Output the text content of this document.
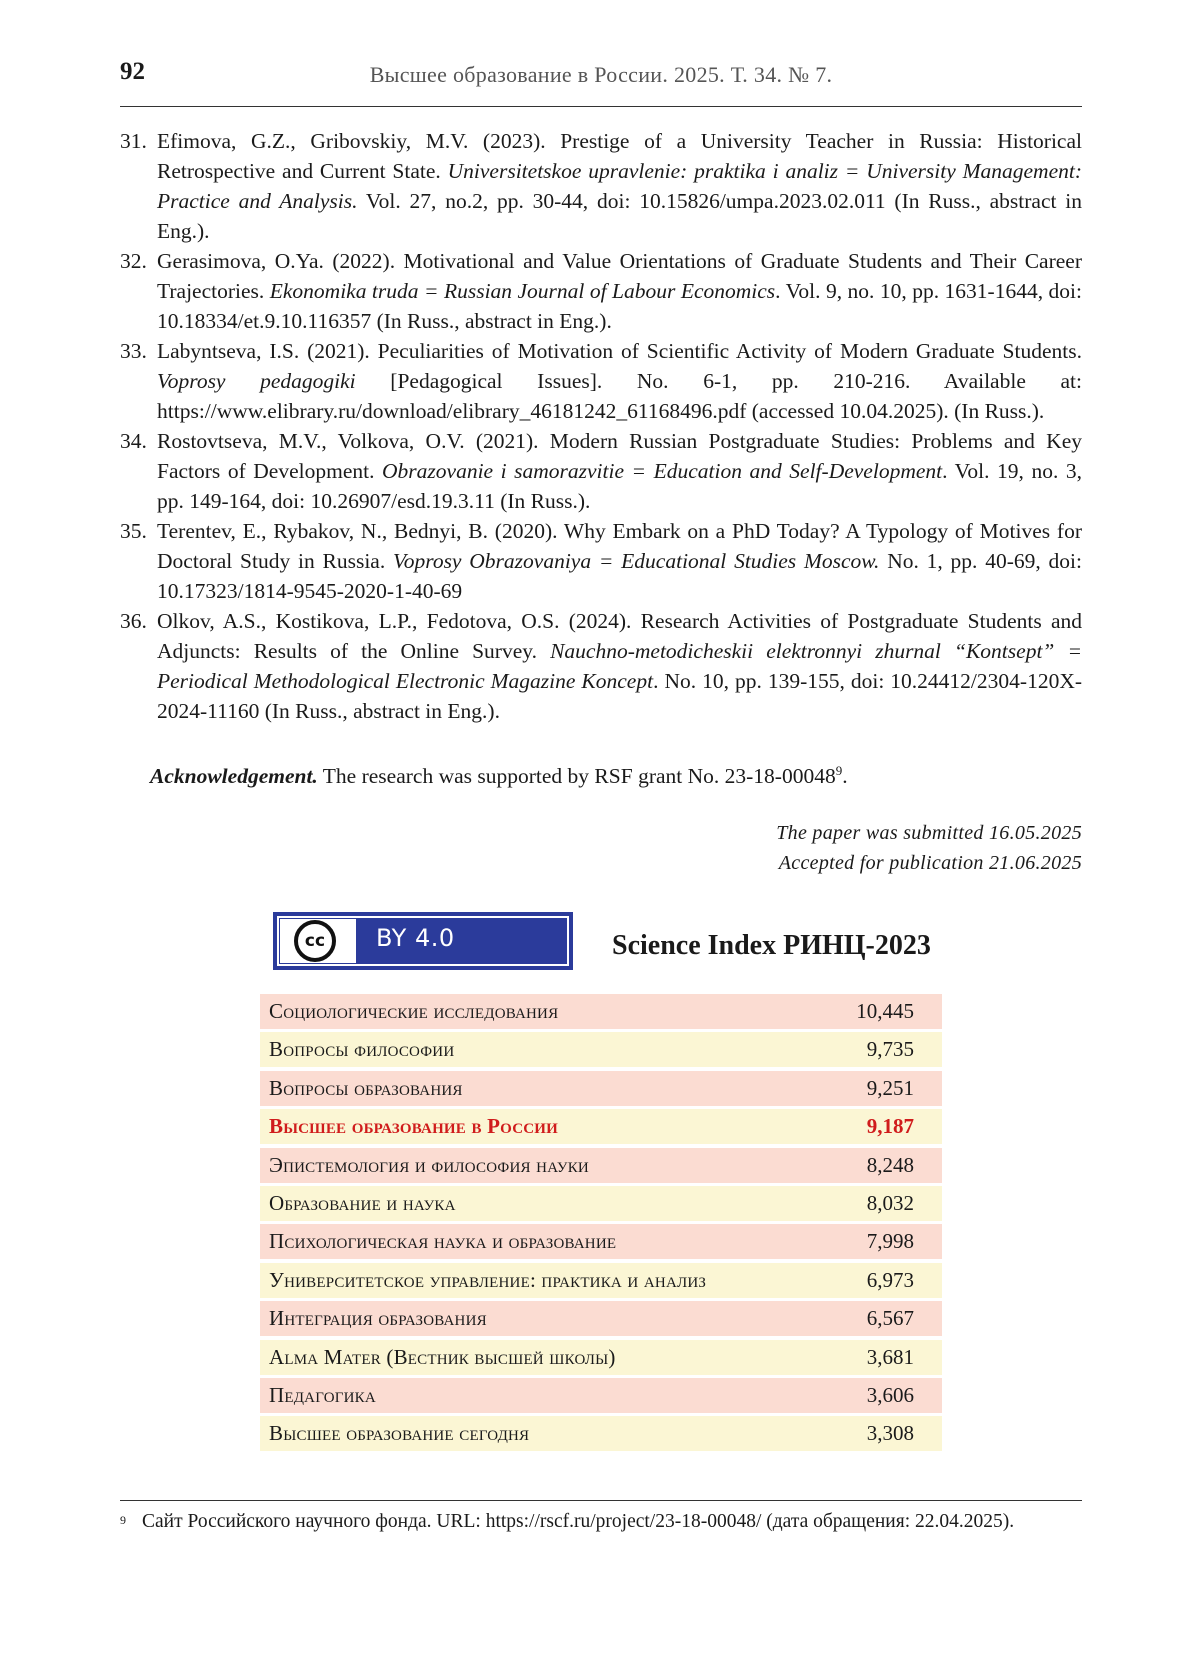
92	Высшее образование в России. 2025. Т. 34. № 7.
31. Efimova, G.Z., Gribovskiy, M.V. (2023). Prestige of a University Teacher in Russia: Historical Retrospective and Current State. Universitetskoe upravlenie: praktika i analiz = University Management: Practice and Analysis. Vol. 27, no.2, pp. 30-44, doi: 10.15826/umpa.2023.02.011 (In Russ., abstract in Eng.).
32. Gerasimova, O.Ya. (2022). Motivational and Value Orientations of Graduate Students and Their Career Trajectories. Ekonomika truda = Russian Journal of Labour Economics. Vol. 9, no. 10, pp. 1631-1644, doi: 10.18334/et.9.10.116357 (In Russ., abstract in Eng.).
33. Labyntseva, I.S. (2021). Peculiarities of Motivation of Scientific Activity of Modern Graduate Students. Voprosy pedagogiki [Pedagogical Issues]. No. 6-1, pp. 210-216. Available at: https://www.elibrary.ru/download/elibrary_46181242_61168496.pdf (accessed 10.04.2025). (In Russ.).
34. Rostovtseva, M.V., Volkova, O.V. (2021). Modern Russian Postgraduate Studies: Problems and Key Factors of Development. Obrazovanie i samorazvitie = Education and Self-Development. Vol. 19, no. 3, pp. 149-164, doi: 10.26907/esd.19.3.11 (In Russ.).
35. Terentev, E., Rybakov, N., Bednyi, B. (2020). Why Embark on a PhD Today? A Typology of Motives for Doctoral Study in Russia. Voprosy Obrazovaniya = Educational Studies Moscow. No. 1, pp. 40-69, doi: 10.17323/1814-9545-2020-1-40-69
36. Olkov, A.S., Kostikova, L.P., Fedotova, O.S. (2024). Research Activities of Postgraduate Students and Adjuncts: Results of the Online Survey. Nauchno-metodicheskii elektronnyi zhurnal “Kontsept” = Periodical Methodological Electronic Magazine Koncept. No. 10, pp. 139-155, doi: 10.24412/2304-120X-2024-11160 (In Russ., abstract in Eng.).
Acknowledgement. The research was supported by RSF grant No. 23-18-00048$^9$.
The paper was submitted 16.05.2025
Accepted for publication 21.06.2025
cc	BY 4.0	Science Index РИНЦ-2023
Социологические исследования	10,445
Вопросы философии	9,735
Вопросы образования	9,251
Высшее образование в России	9,187
Эпистемология и философия науки	8,248
Образование и наука	8,032
Психологическая наука и образование	7,998
Университетское управление: практика и анализ	6,973
Интеграция образования	6,567
Alma Mater (Вестник высшей школы)	3,681
Педагогика	3,606
Высшее образование сегодня	3,308
$^9$ Сайт Российского научного фонда. URL: https://rscf.ru/project/23-18-00048/ (дата обращения: 22.04.2025).
